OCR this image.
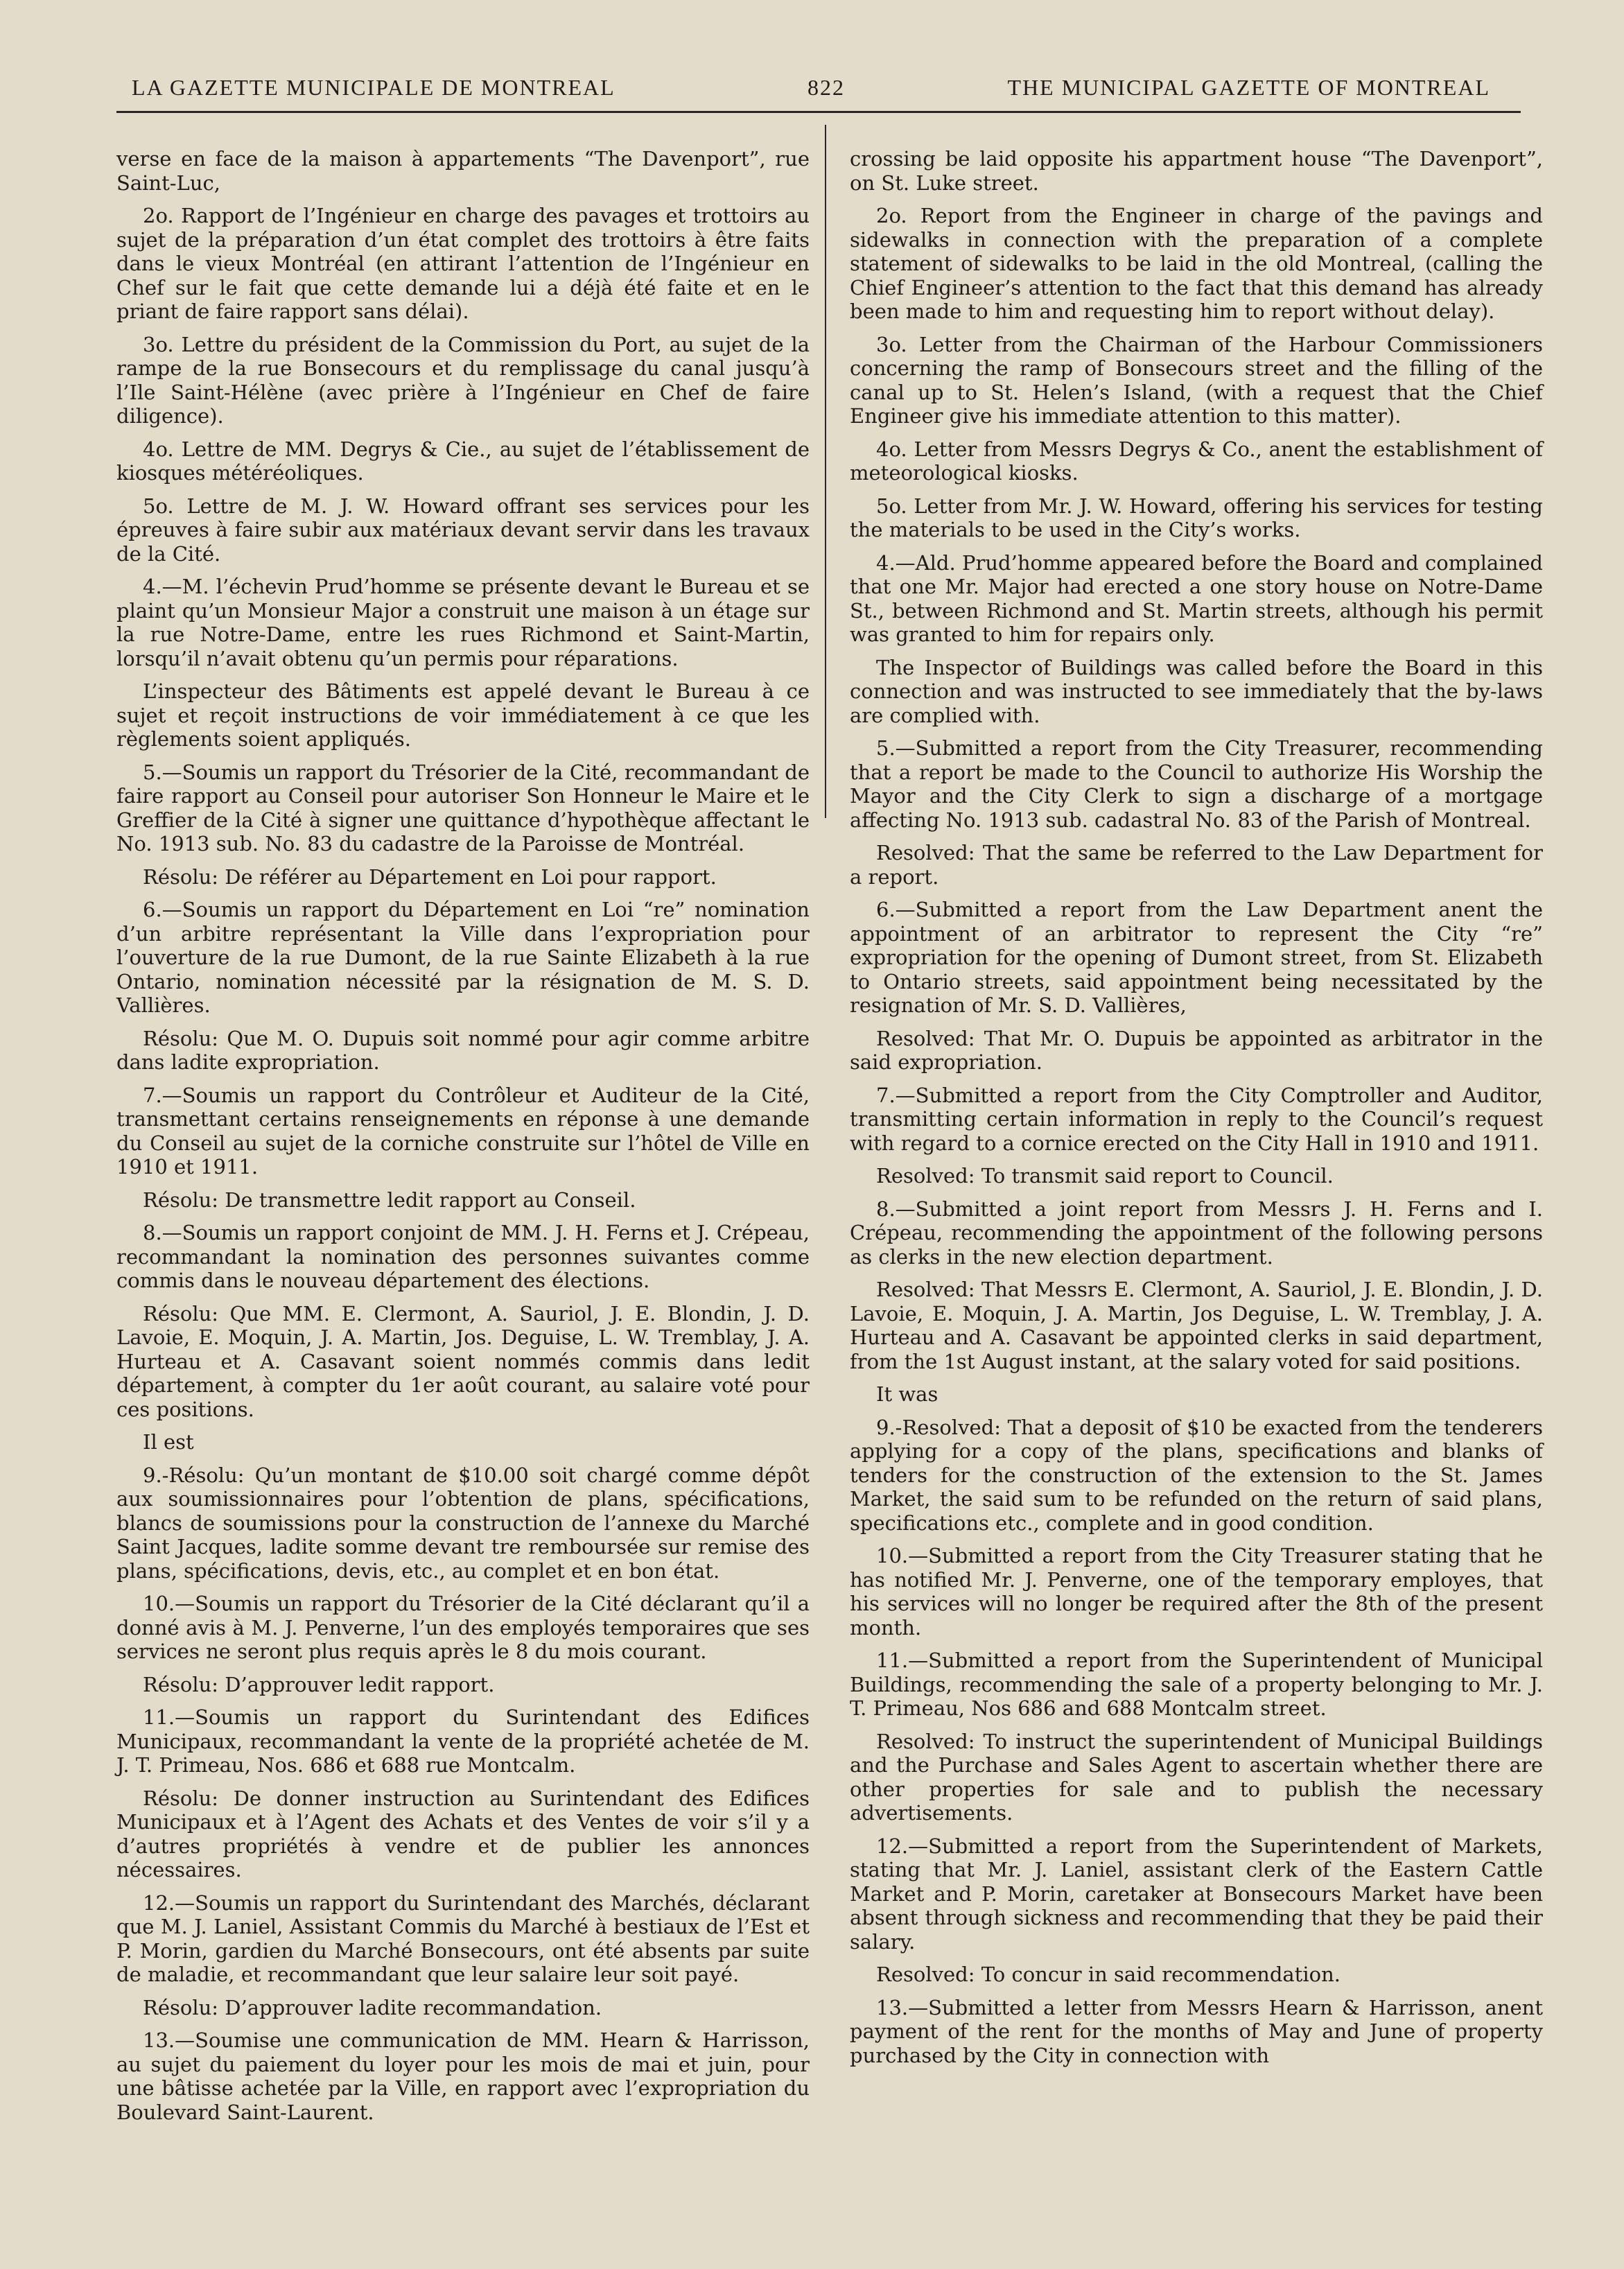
LA GAZETTE MUNICIPALE DE MONTREAL	822	THE MUNICIPAL GAZETTE OF MONTREAL

verse en face de la maison à appartements “The Davenport”, rue Saint-Luc,

2o. Rapport de l’Ingénieur en charge des pavages et trottoirs au sujet de la préparation d’un état complet des trottoirs à être faits dans le vieux Montréal (en attirant l’attention de l’Ingénieur en Chef sur le fait que cette demande lui a déjà été faite et en le priant de faire rapport sans délai).

3o. Lettre du président de la Commission du Port, au sujet de la rampe de la rue Bonsecours et du remplissage du canal jusqu’à l’Ile Saint-Hélène (avec prière à l’Ingénieur en Chef de faire diligence).

4o. Lettre de MM. Degrys & Cie., au sujet de l’établissement de kiosques météréoliques.

5o. Lettre de M. J. W. Howard offrant ses services pour les épreuves à faire subir aux matériaux devant servir dans les travaux de la Cité.

4.—M. l’échevin Prud’homme se présente devant le Bureau et se plaint qu’un Monsieur Major a construit une maison à un étage sur la rue Notre-Dame, entre les rues Richmond et Saint-Martin, lorsqu’il n’avait obtenu qu’un permis pour réparations.

L’inspecteur des Bâtiments est appelé devant le Bureau à ce sujet et reçoit instructions de voir immédiatement à ce que les règlements soient appliqués.

5.—Soumis un rapport du Trésorier de la Cité, recommandant de faire rapport au Conseil pour autoriser Son Honneur le Maire et le Greffier de la Cité à signer une quittance d’hypothèque affectant le No. 1913 sub. No. 83 du cadastre de la Paroisse de Montréal.

Résolu: De référer au Département en Loi pour rapport.

6.—Soumis un rapport du Département en Loi “re” nomination d’un arbitre représentant la Ville dans l’expropriation pour l’ouverture de la rue Dumont, de la rue Sainte Elizabeth à la rue Ontario, nomination nécessité par la résignation de M. S. D. Vallières.

Résolu: Que M. O. Dupuis soit nommé pour agir comme arbitre dans ladite expropriation.

7.—Soumis un rapport du Contrôleur et Auditeur de la Cité, transmettant certains renseignements en réponse à une demande du Conseil au sujet de la corniche construite sur l’hôtel de Ville en 1910 et 1911.

Résolu: De transmettre ledit rapport au Conseil.

8.—Soumis un rapport conjoint de MM. J. H. Ferns et J. Crépeau, recommandant la nomination des personnes suivantes comme commis dans le nouveau département des élections.

Résolu: Que MM. E. Clermont, A. Sauriol, J. E. Blondin, J. D. Lavoie, E. Moquin, J. A. Martin, Jos. Deguise, L. W. Tremblay, J. A. Hurteau et A. Casavant soient nommés commis dans ledit département, à compter du 1er août courant, au salaire voté pour ces positions.

Il est

9.-Résolu: Qu’un montant de $10.00 soit chargé comme dépôt aux soumissionnaires pour l’obtention de plans, spécifications, blancs de soumissions pour la construction de l’annexe du Marché Saint Jacques, ladite somme devant tre remboursée sur remise des plans, spécifications, devis, etc., au complet et en bon état.

10.—Soumis un rapport du Trésorier de la Cité déclarant qu’il a donné avis à M. J. Penverne, l’un des employés temporaires que ses services ne seront plus requis après le 8 du mois courant.

Résolu: D’approuver ledit rapport.

11.—Soumis un rapport du Surintendant des Edifices Municipaux, recommandant la vente de la propriété achetée de M. J. T. Primeau, Nos. 686 et 688 rue Montcalm.

Résolu: De donner instruction au Surintendant des Edifices Municipaux et à l’Agent des Achats et des Ventes de voir s’il y a d’autres propriétés à vendre et de publier les annonces nécessaires.

12.—Soumis un rapport du Surintendant des Marchés, déclarant que M. J. Laniel, Assistant Commis du Marché à bestiaux de l’Est et P. Morin, gardien du Marché Bonsecours, ont été absents par suite de maladie, et recommandant que leur salaire leur soit payé.

Résolu: D’approuver ladite recommandation.

13.—Soumise une communication de MM. Hearn & Harrisson, au sujet du paiement du loyer pour les mois de mai et juin, pour une bâtisse achetée par la Ville, en rapport avec l’expropriation du Boulevard Saint-Laurent.

crossing be laid opposite his appartment house “The Davenport”, on St. Luke street.

2o. Report from the Engineer in charge of the pavings and sidewalks in connection with the preparation of a complete statement of sidewalks to be laid in the old Montreal, (calling the Chief Engineer’s attention to the fact that this demand has already been made to him and requesting him to report without delay).

3o. Letter from the Chairman of the Harbour Commissioners concerning the ramp of Bonsecours street and the filling of the canal up to St. Helen’s Island, (with a request that the Chief Engineer give his immediate attention to this matter).

4o. Letter from Messrs Degrys & Co., anent the establishment of meteorological kiosks.

5o. Letter from Mr. J. W. Howard, offering his services for testing the materials to be used in the City’s works.

4.—Ald. Prud’homme appeared before the Board and complained that one Mr. Major had erected a one story house on Notre-Dame St., between Richmond and St. Martin streets, although his permit was granted to him for repairs only.

The Inspector of Buildings was called before the Board in this connection and was instructed to see immediately that the by-laws are complied with.

5.—Submitted a report from the City Treasurer, recommending that a report be made to the Council to authorize His Worship the Mayor and the City Clerk to sign a discharge of a mortgage affecting No. 1913 sub. cadastral No. 83 of the Parish of Montreal.

Resolved: That the same be referred to the Law Department for a report.

6.—Submitted a report from the Law Department anent the appointment of an arbitrator to represent the City “re” expropriation for the opening of Dumont street, from St. Elizabeth to Ontario streets, said appointment being necessitated by the resignation of Mr. S. D. Vallières,

Resolved: That Mr. O. Dupuis be appointed as arbitrator in the said expropriation.

7.—Submitted a report from the City Comptroller and Auditor, transmitting certain information in reply to the Council’s request with regard to a cornice erected on the City Hall in 1910 and 1911.

Resolved: To transmit said report to Council.

8.—Submitted a joint report from Messrs J. H. Ferns and I. Crépeau, recommending the appointment of the following persons as clerks in the new election department.

Resolved: That Messrs E. Clermont, A. Sauriol, J. E. Blondin, J. D. Lavoie, E. Moquin, J. A. Martin, Jos Deguise, L. W. Tremblay, J. A. Hurteau and A. Casavant be appointed clerks in said department, from the 1st August instant, at the salary voted for said positions.

It was

9.-Resolved: That a deposit of $10 be exacted from the tenderers applying for a copy of the plans, specifications and blanks of tenders for the construction of the extension to the St. James Market, the said sum to be refunded on the return of said plans, specifications etc., complete and in good condition.

10.—Submitted a report from the City Treasurer stating that he has notified Mr. J. Penverne, one of the temporary employes, that his services will no longer be required after the 8th of the present month.

11.—Submitted a report from the Superintendent of Municipal Buildings, recommending the sale of a property belonging to Mr. J. T. Primeau, Nos 686 and 688 Montcalm street.

Resolved: To instruct the superintendent of Municipal Buildings and the Purchase and Sales Agent to ascertain whether there are other properties for sale and to publish the necessary advertisements.

12.—Submitted a report from the Superintendent of Markets, stating that Mr. J. Laniel, assistant clerk of the Eastern Cattle Market and P. Morin, caretaker at Bonsecours Market have been absent through sickness and recommending that they be paid their salary.

Resolved: To concur in said recommendation.

13.—Submitted a letter from Messrs Hearn & Harrisson, anent payment of the rent for the months of May and June of property purchased by the City in connection with
